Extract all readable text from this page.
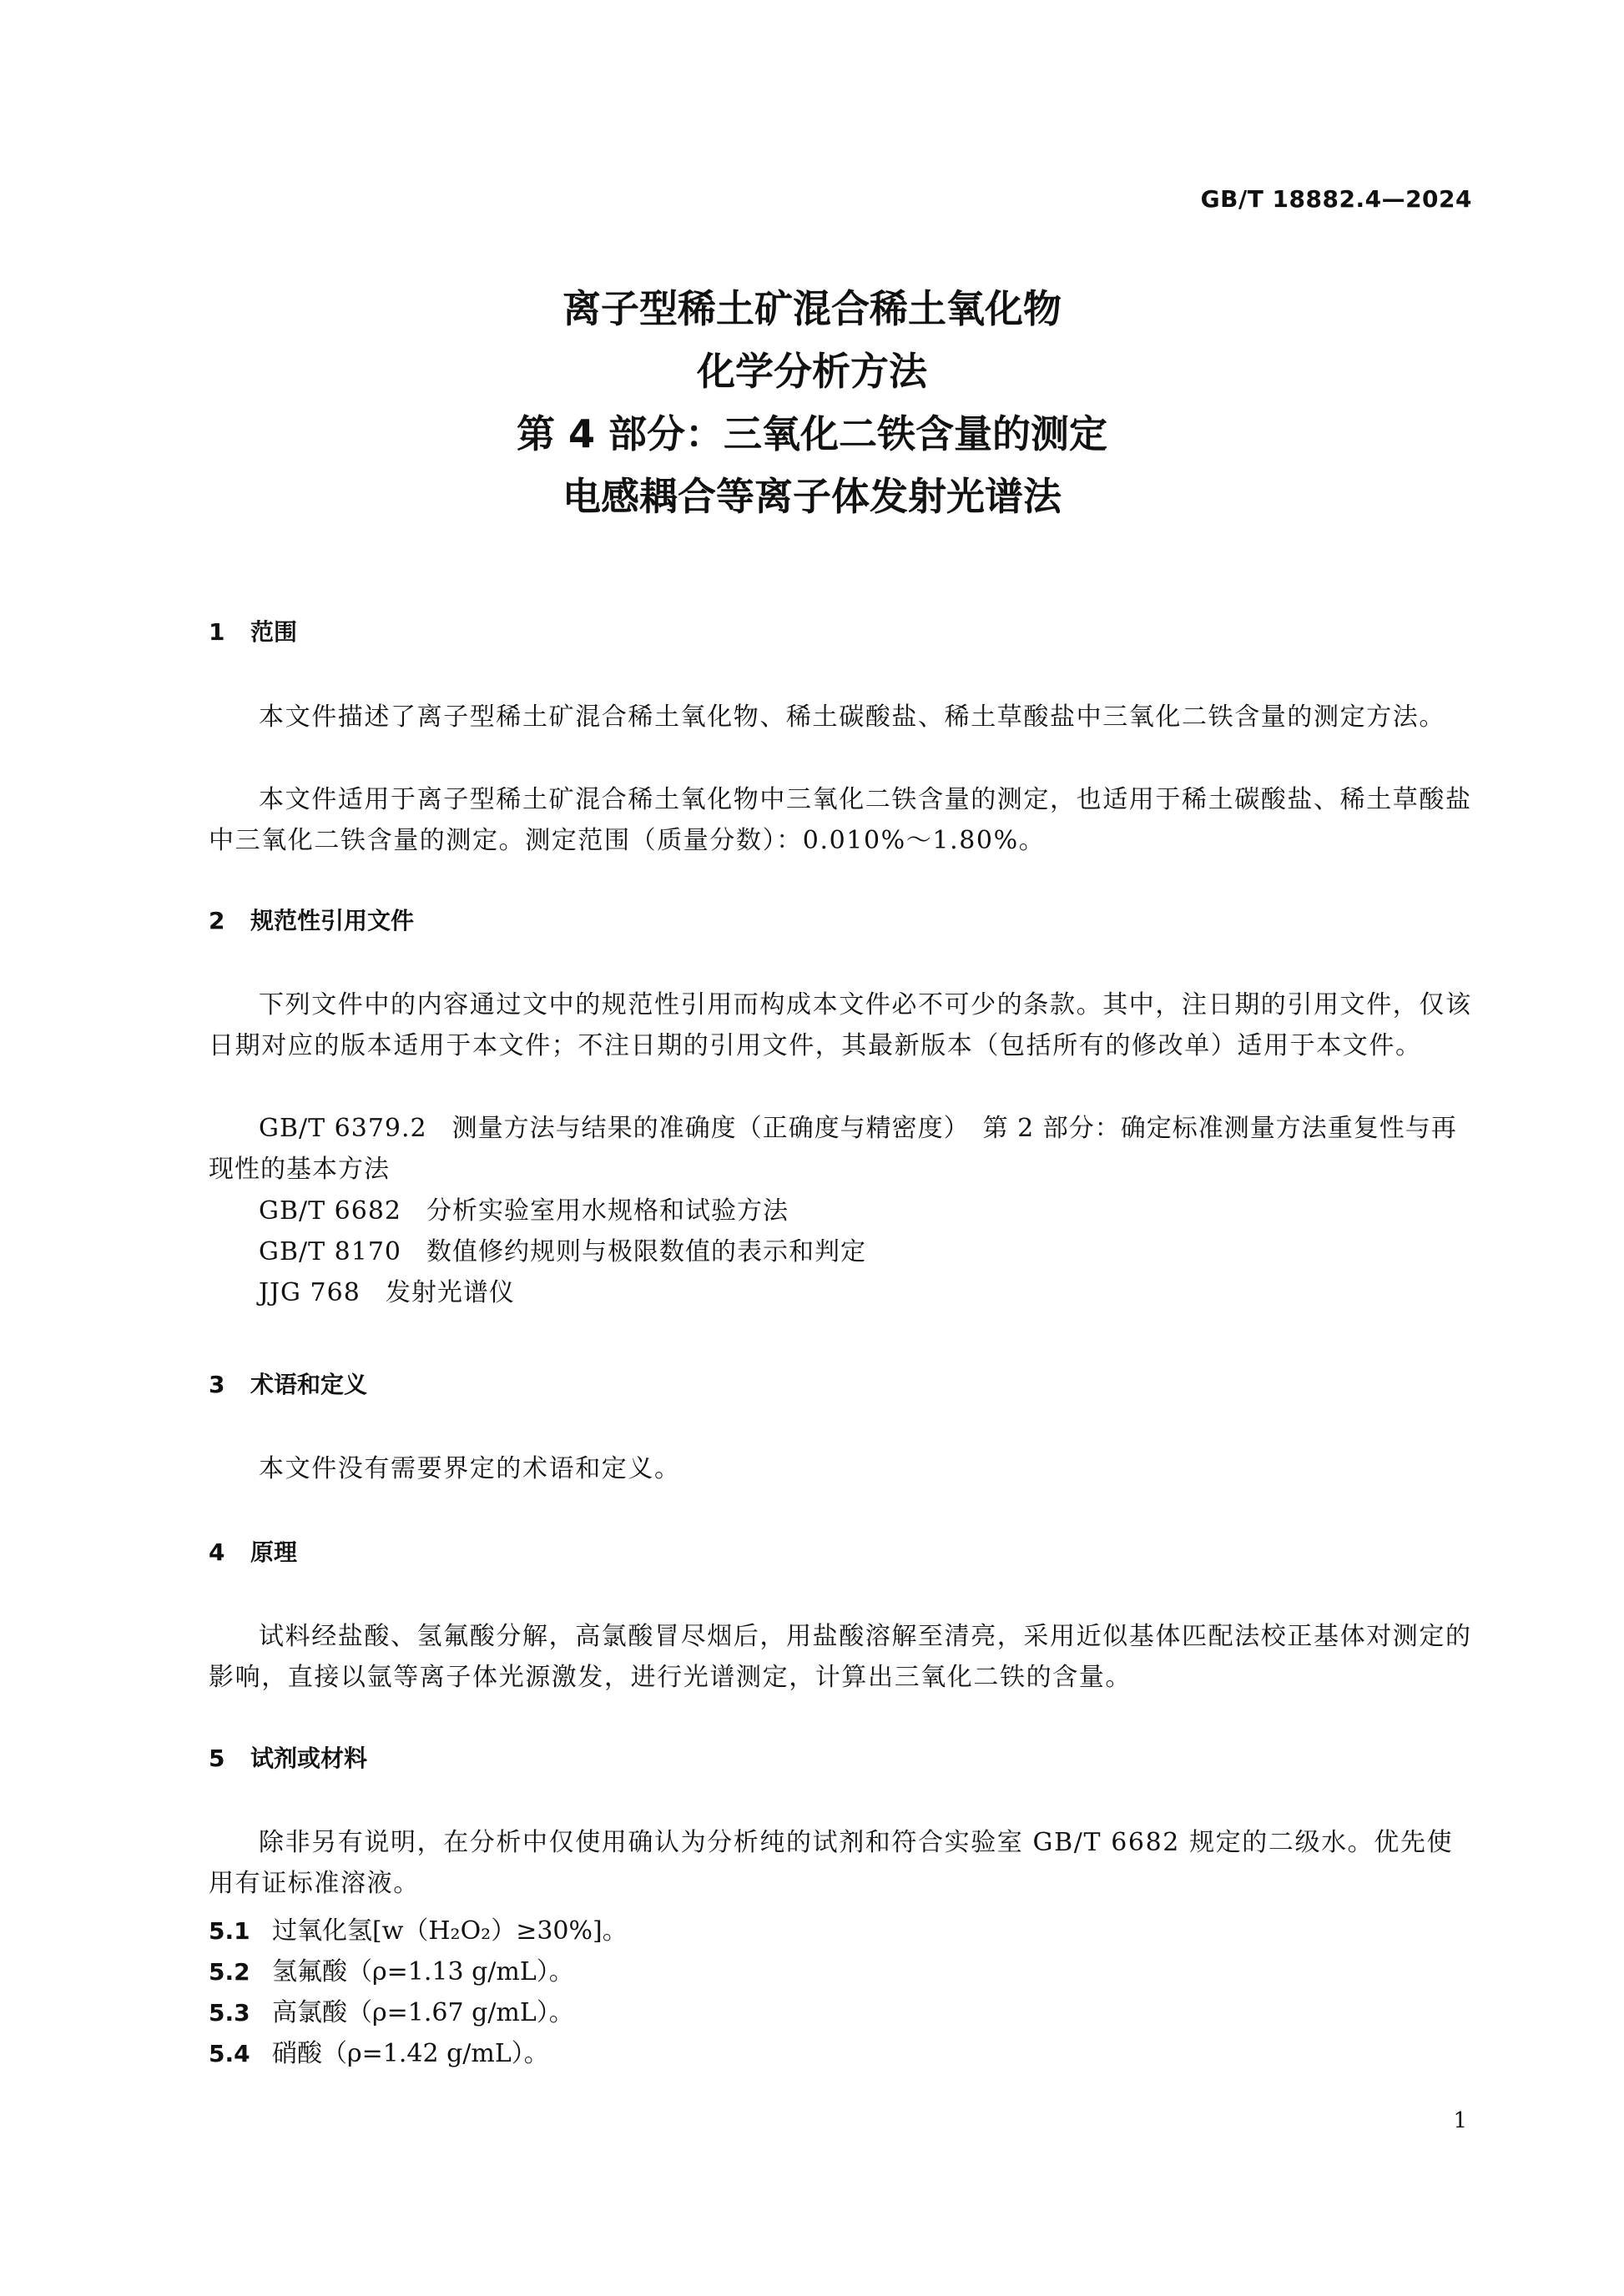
GB/T 18882.4—2024
离子型稀土矿混合稀土氧化物
化学分析方法
第 4 部分：三氧化二铁含量的测定
电感耦合等离子体发射光谱法
1 范围

本文件描述了离子型稀土矿混合稀土氧化物、稀土碳酸盐、稀土草酸盐中三氧化二铁含量的测定方法。

本文件适用于离子型稀土矿混合稀土氧化物中三氧化二铁含量的测定，也适用于稀土碳酸盐、稀土草酸盐中三氧化二铁含量的测定。测定范围（质量分数）：0.010%～1.80%。

2 规范性引用文件

下列文件中的内容通过文中的规范性引用而构成本文件必不可少的条款。其中，注日期的引用文件，仅该日期对应的版本适用于本文件；不注日期的引用文件，其最新版本（包括所有的修改单）适用于本文件。

GB/T 6379.2 测量方法与结果的准确度（正确度与精密度）　第 2 部分：确定标准测量方法重复性与再现性的基本方法

GB/T 6682 分析实验室用水规格和试验方法

GB/T 8170 数值修约规则与极限数值的表示和判定

JJG 768 发射光谱仪

3 术语和定义

本文件没有需要界定的术语和定义。

4 原理

试料经盐酸、氢氟酸分解，高氯酸冒尽烟后，用盐酸溶解至清亮，采用近似基体匹配法校正基体对测定的影响，直接以氩等离子体光源激发，进行光谱测定，计算出三氧化二铁的含量。

5 试剂或材料

除非另有说明，在分析中仅使用确认为分析纯的试剂和符合实验室 GB/T 6682 规定的二级水。优先使用有证标准溶液。

5.1 过氧化氢[w（H₂O₂）≥30%]。
5.2 氢氟酸（ρ=1.13 g/mL）。
5.3 高氯酸（ρ=1.67 g/mL）。
5.4 硝酸（ρ=1.42 g/mL）。
1
